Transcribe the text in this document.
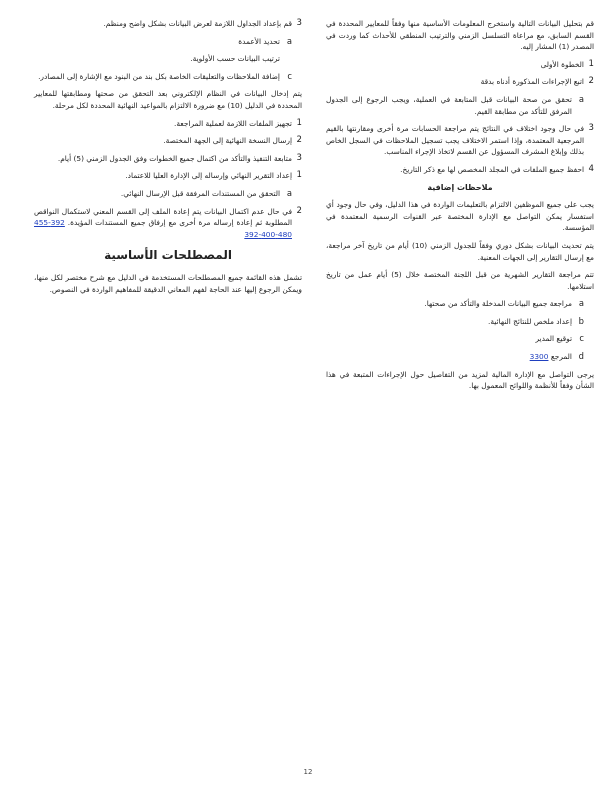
قم بتحليل البيانات التالية واستخرج المعلومات الأساسية منها وفقاً للمعايير المحددة في القسم السابق، مع مراعاة التسلسل الزمني والترتيب المنطقي للأحداث كما وردت في المصدر (1) المشار إليه.

1
الخطوة الأولى
2
اتبع الإجراءات المذكورة أدناه بدقة
a
تحقق من صحة البيانات قبل المتابعة في العملية، ويجب الرجوع إلى الجدول المرفق للتأكد من مطابقة القيم.
3
في حال وجود اختلاف في النتائج يتم مراجعة الحسابات مرة أخرى ومقارنتها بالقيم المرجعية المعتمدة، وإذا استمر الاختلاف يجب تسجيل الملاحظات في السجل الخاص بذلك وإبلاغ المشرف المسؤول عن القسم لاتخاذ الإجراء المناسب.
4
احفظ جميع الملفات في المجلد المخصص لها مع ذكر التاريخ.
ملاحظات إضافية

يجب على جميع الموظفين الالتزام بالتعليمات الواردة في هذا الدليل، وفي حال وجود أي استفسار يمكن التواصل مع الإدارة المختصة عبر القنوات الرسمية المعتمدة في المؤسسة.

يتم تحديث البيانات بشكل دوري وفقاً للجدول الزمني (10) أيام من تاريخ آخر مراجعة، مع إرسال التقارير إلى الجهات المعنية.

تتم مراجعة التقارير الشهرية من قبل اللجنة المختصة خلال (5) أيام عمل من تاريخ استلامها.

a
مراجعة جميع البيانات المدخلة والتأكد من صحتها.
b
إعداد ملخص للنتائج النهائية.
c
توقيع المدير
d
المرجع 3300

يرجى التواصل مع الإدارة المالية لمزيد من التفاصيل حول الإجراءات المتبعة في هذا الشأن وفقاً للأنظمة واللوائح المعمول بها.

3
قم بإعداد الجداول اللازمة لعرض البيانات بشكل واضح ومنظم.
a
تحديد الأعمدة
ترتيب البيانات حسب الأولوية.
c
إضافة الملاحظات والتعليقات الخاصة بكل بند من البنود مع الإشارة إلى المصادر.

يتم إدخال البيانات في النظام الإلكتروني بعد التحقق من صحتها ومطابقتها للمعايير المحددة في الدليل (10) مع ضرورة الالتزام بالمواعيد النهائية المحددة لكل مرحلة.

1
تجهيز الملفات اللازمة لعملية المراجعة.
2
إرسال النسخة النهائية إلى الجهة المختصة.
3
متابعة التنفيذ والتأكد من اكتمال جميع الخطوات وفق الجدول الزمني (5) أيام.
1
إعداد التقرير النهائي وإرساله إلى الإدارة العليا للاعتماد.
a
التحقق من المستندات المرفقة قبل الإرسال النهائي.
2
في حال عدم اكتمال البيانات يتم إعادة الملف إلى القسم المعني لاستكمال النواقص المطلوبة ثم إعادة إرساله مرة أخرى مع إرفاق جميع المستندات المؤيدة. 392-455 480-400-392
المصطلحات الأساسية

تشمل هذه القائمة جميع المصطلحات المستخدمة في الدليل مع شرح مختصر لكل منها، ويمكن الرجوع إليها عند الحاجة لفهم المعاني الدقيقة للمفاهيم الواردة في النصوص.

12
